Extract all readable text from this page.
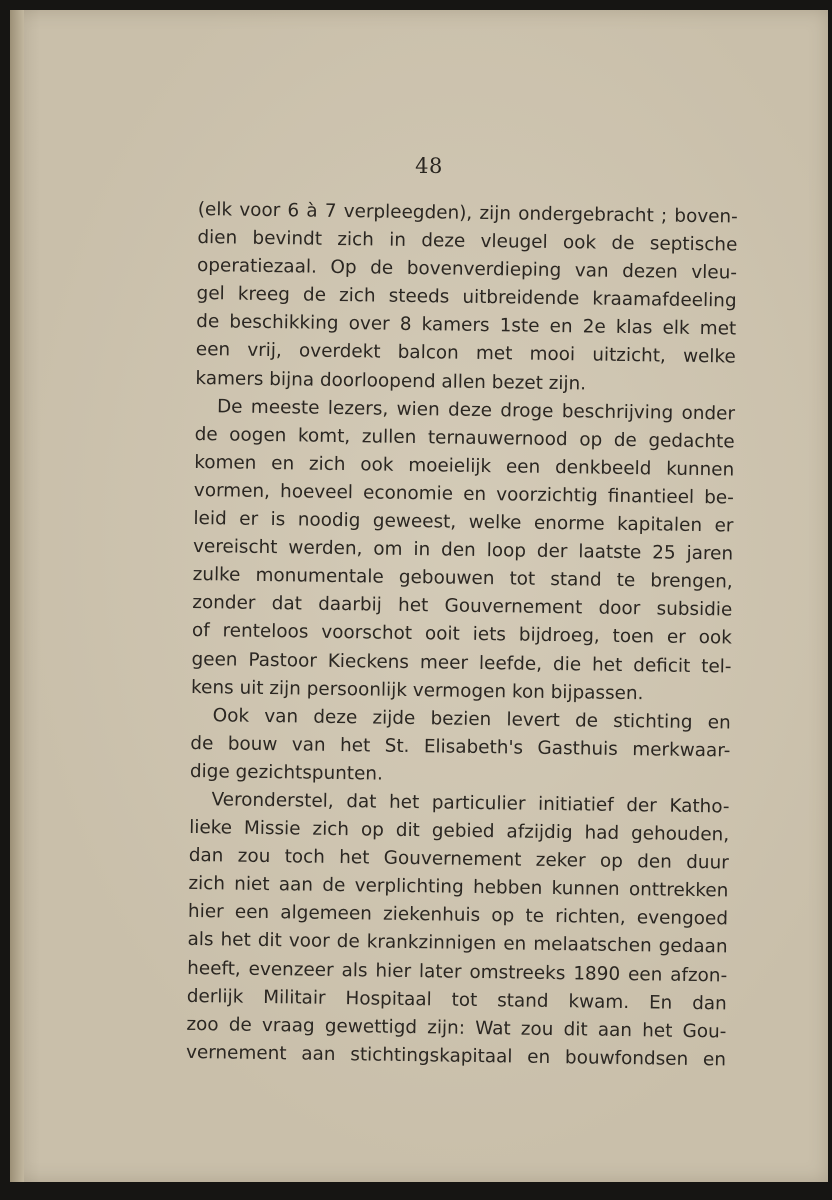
48
(elk voor 6 à 7 verpleegden), zijn ondergebracht ; boven-
dien bevindt zich in deze vleugel ook de septische
operatiezaal. Op de bovenverdieping van dezen vleu-
gel kreeg de zich steeds uitbreidende kraamafdeeling
de beschikking over 8 kamers 1ste en 2e klas elk met
een vrij, overdekt balcon met mooi uitzicht, welke
kamers bijna doorloopend allen bezet zijn.
De meeste lezers, wien deze droge beschrijving onder
de oogen komt, zullen ternauwernood op de gedachte
komen en zich ook moeielijk een denkbeeld kunnen
vormen, hoeveel economie en voorzichtig finantieel be-
leid er is noodig geweest, welke enorme kapitalen er
vereischt werden, om in den loop der laatste 25 jaren
zulke monumentale gebouwen tot stand te brengen,
zonder dat daarbij het Gouvernement door subsidie
of renteloos voorschot ooit iets bijdroeg, toen er ook
geen Pastoor Kieckens meer leefde, die het deficit tel-
kens uit zijn persoonlijk vermogen kon bijpassen.
Ook van deze zijde bezien levert de stichting en
de bouw van het St. Elisabeth's Gasthuis merkwaar-
dige gezichtspunten.
Veronderstel, dat het particulier initiatief der Katho-
lieke Missie zich op dit gebied afzijdig had gehouden,
dan zou toch het Gouvernement zeker op den duur
zich niet aan de verplichting hebben kunnen onttrekken
hier een algemeen ziekenhuis op te richten, evengoed
als het dit voor de krankzinnigen en melaatschen gedaan
heeft, evenzeer als hier later omstreeks 1890 een afzon-
derlijk Militair Hospitaal tot stand kwam. En dan
zoo de vraag gewettigd zijn: Wat zou dit aan het Gou-
vernement aan stichtingskapitaal en bouwfondsen en
